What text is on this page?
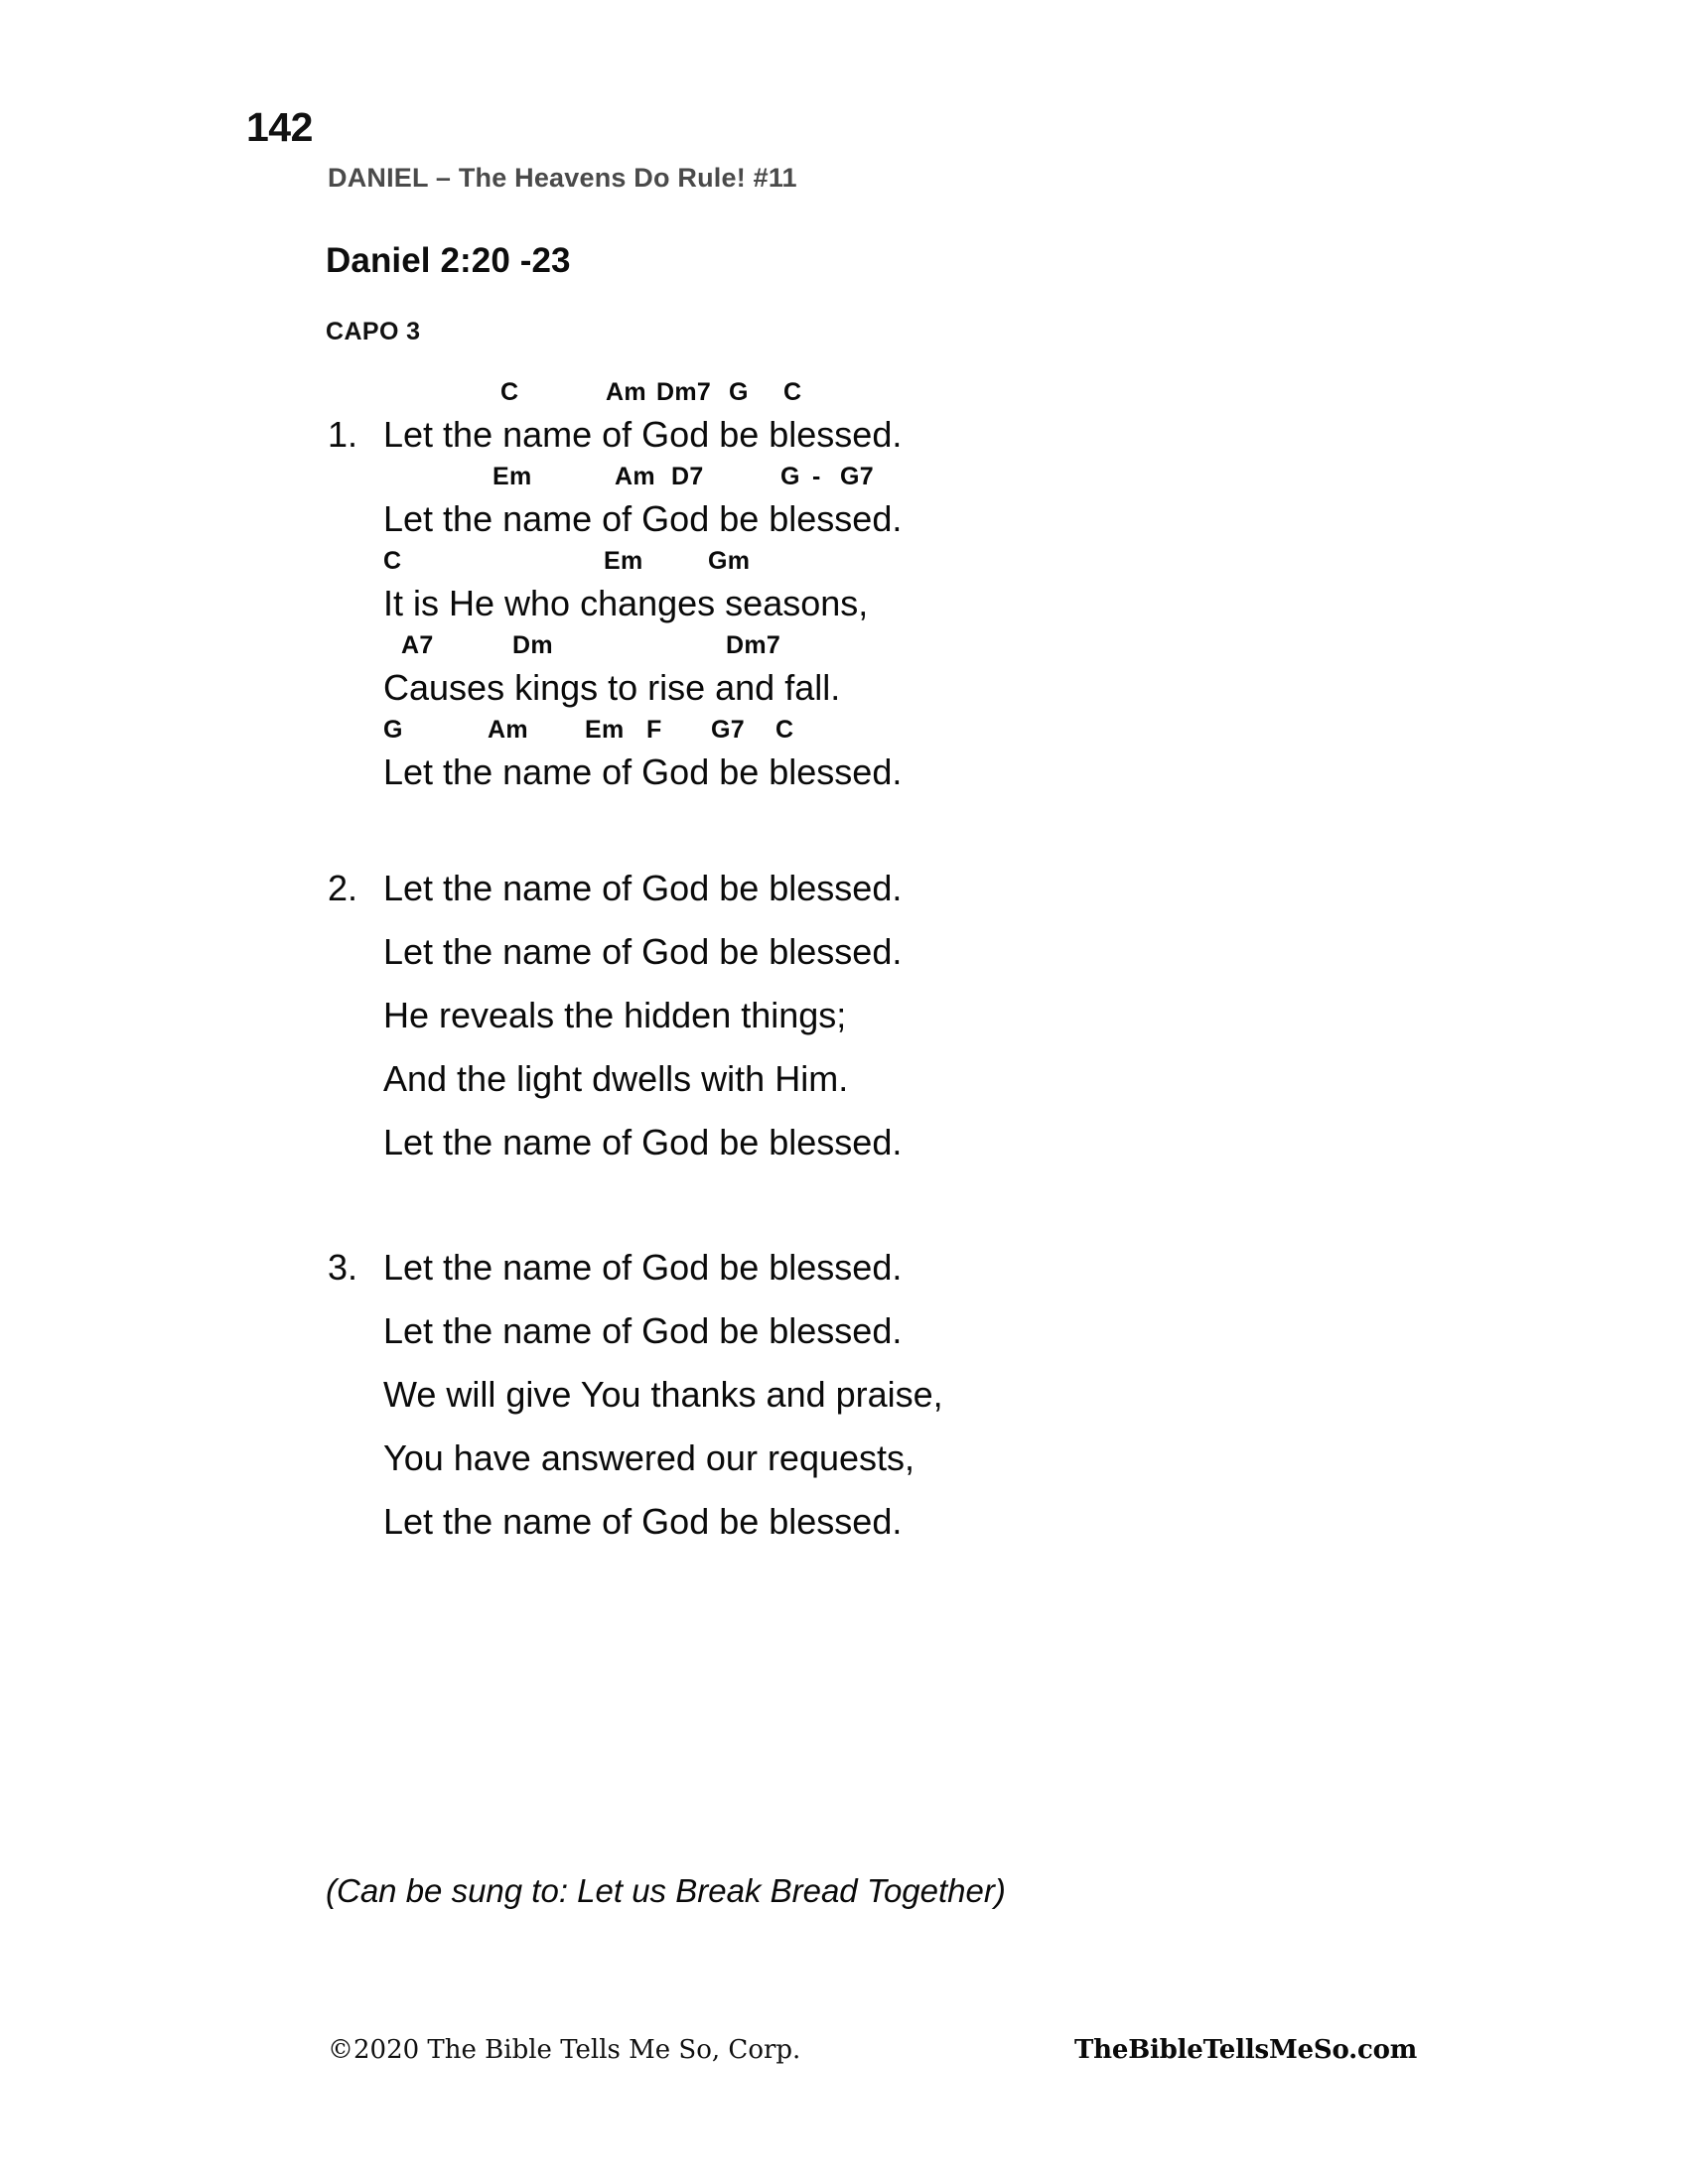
142
DANIEL – The Heavens Do Rule! #11
Daniel 2:20 -23
CAPO 3
C	Am Dm7 G C
1. Let the name of God be blessed.
Em	Am D7	G - G7
Let the name of God be blessed.
C	Em	Gm
It is He who changes seasons,
A7	Dm	Dm7
Causes kings to rise and fall.
G	Am Em F G7 C
Let the name of God be blessed.
2. Let the name of God be blessed.
Let the name of God be blessed.
He reveals the hidden things;
And the light dwells with Him.
Let the name of God be blessed.
3. Let the name of God be blessed.
Let the name of God be blessed.
We will give You thanks and praise,
You have answered our requests,
Let the name of God be blessed.
(Can be sung to: Let us Break Bread Together)
©2020 The Bible Tells Me So, Corp.	TheBibleTellsMeSo.com
